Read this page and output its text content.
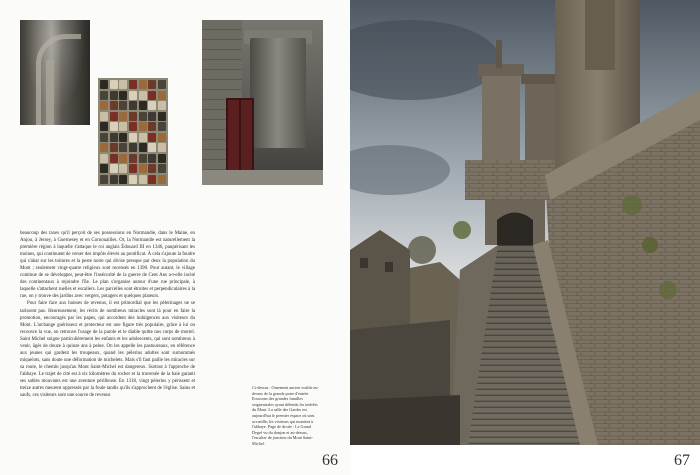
beaucoup des taxes qu'il perçoit de ses possessions en Normandie, dans le Maine, en Anjou, à Jersey, à Guernesey et en Cornouailles. Or, la Normandie est naturellement la première région à laquelle s'attaque le roi anglais Édouard III en 1346, paupérisant les moines, qui continuent de verser des impôts élevés au pontificat. À cela s'ajoute la foudre qui s'abat sur les toitures et la peste noire qui divise presque par deux la population du Mont ; seulement vingt-quatre religieux sont recensés en 1390. Pour autant, le village continue de se développer, peut-être l'insécurité de la guerre de Cent Ans a-t-elle incité des continentaux à rejoindre l'île. Le plan s'organise autour d'une rue principale, à laquelle s'attachent ruelles et escaliers. Les parcelles sont étroites et perpendiculaires à la rue, on y trouve des jardins avec vergers, potagers et quelques plateurs.

Pour faire face aux baisses de revenus, il est primordial que les pèlerinages ne se tarissent pas. Heureusement, les récits de nombreux miracles sont là pour en faire la promotion, encouragés par les papes, qui accordent des indulgences aux visiteurs du Mont. L'archange guérisseur et protecteur est une figure très populaire, grâce à lui on recouvre la vue, on retrouve l'usage de la parole et le diable quitte nos corps de mortel. Saint Michel soigne particulièrement les enfants et les adolescents, qui sont nombreux à venir, âgés de douze à quinze ans à peine. On les appelle les pastoureaux, en référence aux jeunes qui gardent les troupeaux, quand les pèlerins adultes sont surnommés miquelots, sans doute une déformation de michelets. Mais s'il faut paille les miracles sur sa route, le chemin jusqu'au Mont Saint-Michel est dangereux. Surtout à l'approche de l'abbaye. Le trajet de cité est à six kilomètres du rocher et la traversée de la baie garanti ses sables mouvants est une aventure périlleuse. En 1318, vingt pèlerins y périssent et treize autres meurent oppressés par la foule tandis qu'ils s'approchent de l'église. Sains et saufs, ces visiteurs sont une source de revenus

Ci-dessus : Ornement ancien visible au-dessus de la grande porte d'entrée. Ecussons des grandes familles seigneuriales ayant défendu les intérêts du Mont. La salle des Gardes est aujourd'hui le premier espace où sont accueillis les visiteurs qui montent à l'abbaye. Page de droite : Le Grand Degré vu du donjon et au-dessus, l'escalier de jonction du Mont Saint-Michel.

66	67
